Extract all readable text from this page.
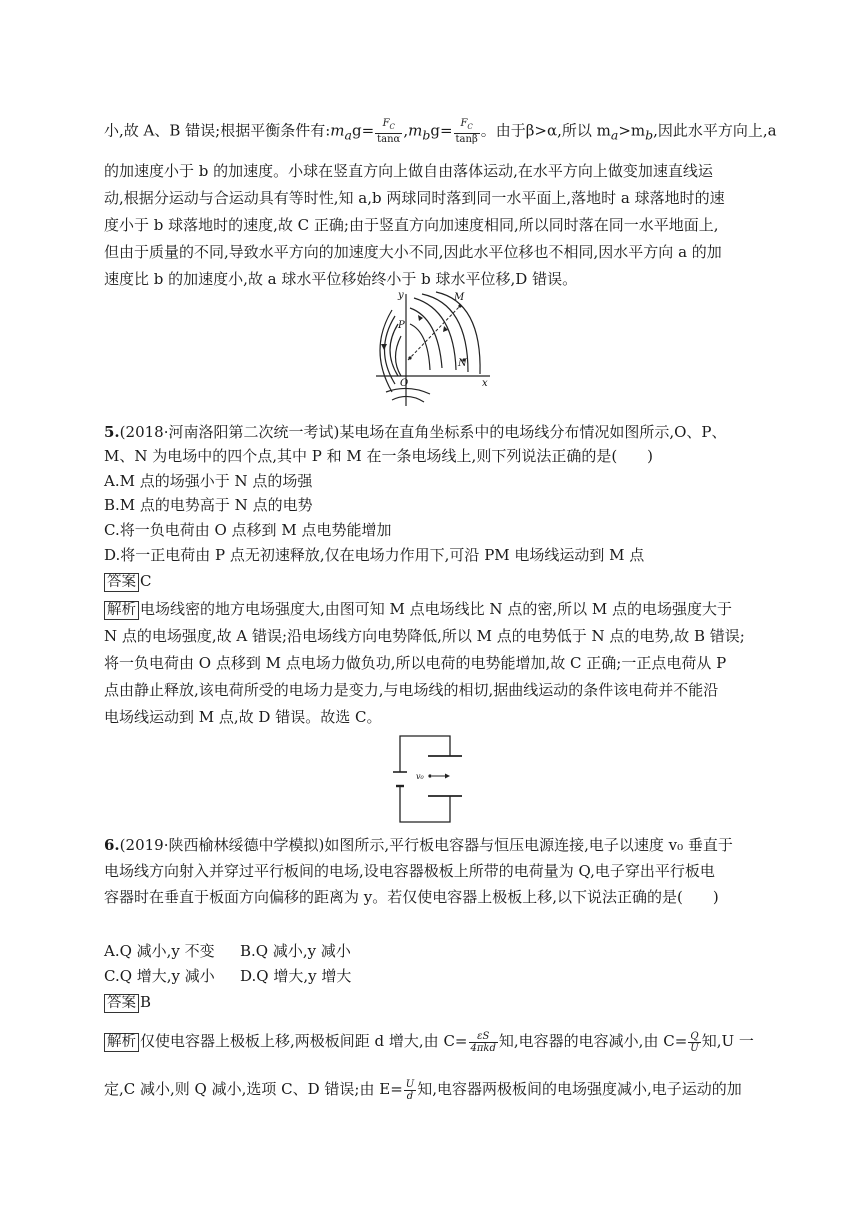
小,故 A、B 错误;根据平衡条件有$:m_ag= \frac{F_C}{\tan\alpha} ,m_bg= \frac{F_C}{\tan\beta}$ 。由于β>α,所以 $m_a>m_b$,因此水平方向上,a
的加速度小于 b 的加速度。小球在竖直方向上做自由落体运动,在水平方向上做变加速直线运
动,根据分运动与合运动具有等时性,知 a,b 两球同时落到同一水平面上,落地时 a 球落地时的速
度小于 b 球落地时的速度,故 C 正确;由于竖直方向加速度相同,所以同时落在同一水平地面上,
但由于质量的不同,导致水平方向的加速度大小不同,因此水平位移也不相同,因水平方向 a 的加
速度比 b 的加速度小,故 a 球水平位移始终小于 b 球水平位移,D 错误。
y	M
P
N
O	x
5.(2018·河南洛阳第二次统一考试)某电场在直角坐标系中的电场线分布情况如图所示,O、P、
M、N 为电场中的四个点,其中 P 和 M 在一条电场线上,则下列说法正确的是(　　)
A.M 点的场强小于 N 点的场强
B.M 点的电势高于 N 点的电势
C.将一负电荷由 O 点移到 M 点电势能增加
D.将一正电荷由 P 点无初速释放,仅在电场力作用下,可沿 PM 电场线运动到 M 点
答案 C
解析 电场线密的地方电场强度大,由图可知 M 点电场线比 N 点的密,所以 M 点的电场强度大于
N 点的电场强度,故 A 错误;沿电场线方向电势降低,所以 M 点的电势低于 N 点的电势,故 B 错误;
将一负电荷由 O 点移到 M 点电场力做负功,所以电荷的电势能增加,故 C 正确;一正点电荷从 P
点由静止释放,该电荷所受的电场力是变力,与电场线的相切,据曲线运动的条件该电荷并不能沿
电场线运动到 M 点,故 D 错误。故选 C。
v₀
6.(2019·陕西榆林绥德中学模拟)如图所示,平行板电容器与恒压电源连接,电子以速度 v₀ 垂直于
电场线方向射入并穿过平行板间的电场,设电容器极板上所带的电荷量为 Q,电子穿出平行板电
容器时在垂直于板面方向偏移的距离为 y。若仅使电容器上极板上移,以下说法正确的是(　　)
A.Q 减小,y 不变 B.Q 减小,y 减小
C.Q 增大,y 减小 D.Q 增大,y 增大
答案 B
解析 仅使电容器上极板上移,两极板间距 d 增大,由 $C= \frac{\varepsilon S}{\text{4πkd}}$ 知,电容器的电容减小,由 $C= \frac{Q}{U}$ 知,U 一
定,C 减小,则 Q 减小,选项 C、D 错误;由 $E= \frac{U}{d}$ 知,电容器两极板间的电场强度减小,电子运动的加
